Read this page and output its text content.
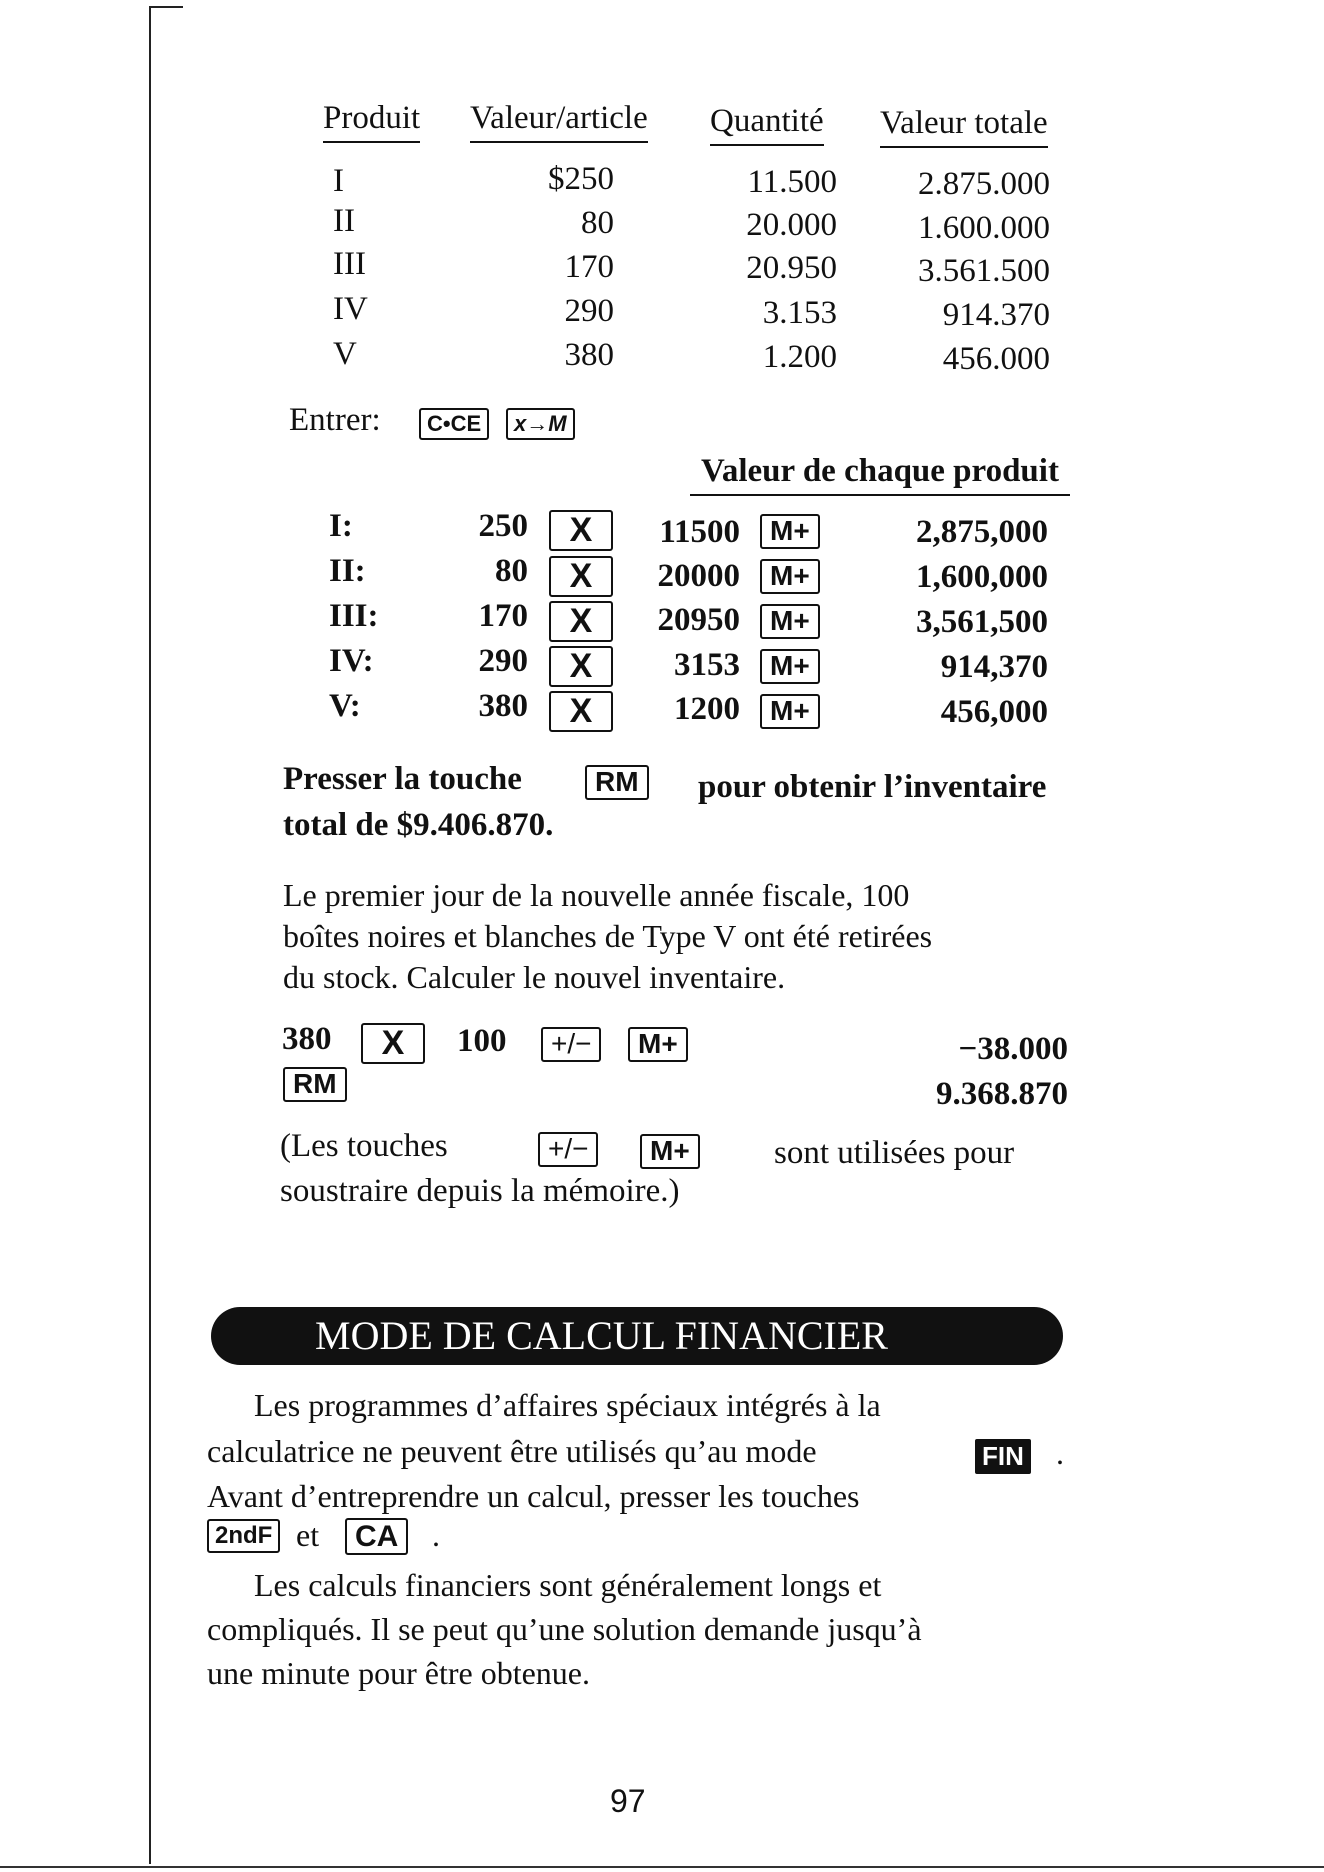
Produit Valeur/article Quantité Valeur totale
I	$250	11.500	2.875.000
II	80	20.000	1.600.000
III	170	20.950	3.561.500
IV	290	3.153	914.370
V	380	1.200	456.000
Entrer:	C•CE	x→M
Valeur de chaque produit
I:	250	X	11500	M+	2,875,000
II:	80	X	20000	M+	1,600,000
III:	170	X	20950	M+	3,561,500
IV:	290	X	3153	M+	914,370
V:	380	X	1200	M+	456,000
Presser la touche	RM	pour obtenir l’inventaire
total de $9.406.870.
Le premier jour de la nouvelle année fiscale, 100
boîtes noires et blanches de Type V ont été retirées
du stock. Calculer le nouvel inventaire.
380	X	100	+/−	M+	−38.000
RM	9.368.870
(Les touches	+/−	M+	sont utilisées pour
soustraire depuis la mémoire.)
MODE DE CALCUL FINANCIER
Les programmes d’affaires spéciaux intégrés à la
calculatrice ne peuvent être utilisés qu’au mode	FIN .
Avant d’entreprendre un calcul, presser les touches
2ndF et	CA	.
Les calculs financiers sont généralement longs et
compliqués. Il se peut qu’une solution demande jusqu’à
une minute pour être obtenue.
97
